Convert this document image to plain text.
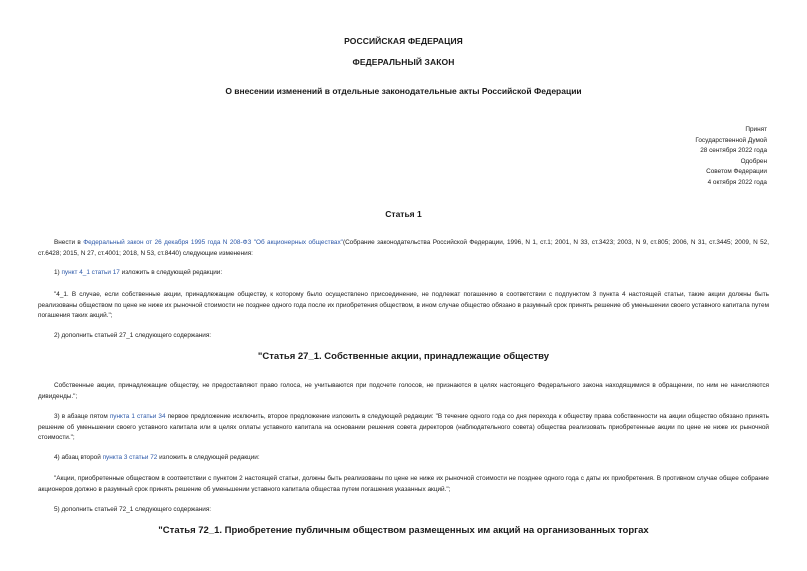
РОССИЙСКАЯ ФЕДЕРАЦИЯ
ФЕДЕРАЛЬНЫЙ ЗАКОН
О внесении изменений в отдельные законодательные акты Российской Федерации
Принят
Государственной Думой
28 сентября 2022 года
Одобрен
Советом Федерации
4 октября 2022 года
Статья 1
Внести в Федеральный закон от 26 декабря 1995 года N 208-ФЗ "Об акционерных обществах"(Собрание законодательства Российской Федерации, 1996, N 1, ст.1; 2001, N 33, ст.3423; 2003, N 9, ст.805; 2006, N 31, ст.3445; 2009, N 52, ст.6428; 2015, N 27, ст.4001; 2018, N 53, ст.8440) следующие изменения:
1) пункт 4_1 статьи 17 изложить в следующей редакции:
"4_1. В случае, если собственные акции, принадлежащие обществу, к которому было осуществлено присоединение, не подлежат погашению в соответствии с подпунктом 3 пункта 4 настоящей статьи, такие акции должны быть реализованы обществом по цене не ниже их рыночной стоимости не позднее одного года после их приобретения обществом, в ином случае общество обязано в разумный срок принять решение об уменьшении своего уставного капитала путем погашения таких акций.";
2) дополнить статьей 27_1 следующего содержания:
"Статья 27_1. Собственные акции, принадлежащие обществу
Собственные акции, принадлежащие обществу, не предоставляют право голоса, не учитываются при подсчете голосов, не признаются в целях настоящего Федерального закона находящимися в обращении, по ним не начисляются дивиденды.";
3) в абзаце пятом пункта 1 статьи 34 первое предложение исключить, второе предложение изложить в следующей редакции: "В течение одного года со дня перехода к обществу права собственности на акции общество обязано принять решение об уменьшении своего уставного капитала или в целях оплаты уставного капитала на основании решения совета директоров (наблюдательного совета) общества реализовать приобретенные акции по цене не ниже их рыночной стоимости.";
4) абзац второй пункта 3 статьи 72 изложить в следующей редакции:
"Акции, приобретенные обществом в соответствии с пунктом 2 настоящей статьи, должны быть реализованы по цене не ниже их рыночной стоимости не позднее одного года с даты их приобретения. В противном случае общее собрание акционеров должно в разумный срок принять решение об уменьшении уставного капитала общества путем погашения указанных акций.";
5) дополнить статьей 72_1 следующего содержания:
"Статья 72_1. Приобретение публичным обществом размещенных им акций на организованных торгах
